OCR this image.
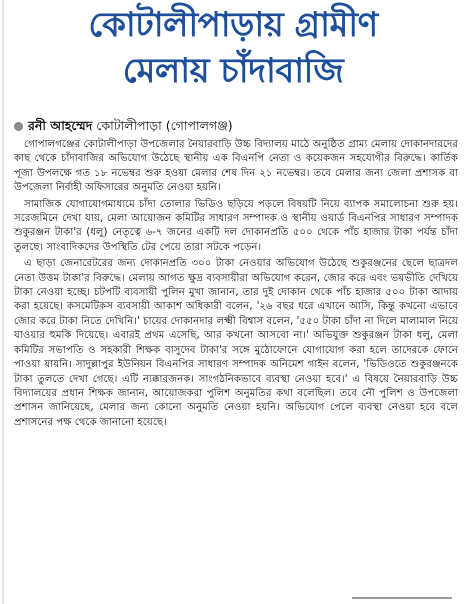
কোটালীপাড়ায় গ্রামীণ
মেলায় চাঁদাবাজি
রনী আহম্মেদ কোটালীপাড়া (গোপালগঞ্জ)

গোপালগঞ্জের কোটালীপাড়া উপজেলার নৈয়ারবাড়ি উচ্চ বিদ্যালয় মাঠে অনুষ্ঠিত গ্রাম্য মেলায় দোকানদারদের কাছ থেকে চাঁদাবাজির অভিযোগ উঠেছে স্থানীয় এক বিএনপি নেতা ও কয়েকজন সহযোগীর বিরুদ্ধে। কার্তিক পূজা উপলক্ষে গত ১৮ নভেম্বর শুরু হওয়া মেলার শেষ দিন ২১ নভেম্বর। তবে মেলার জন্য জেলা প্রশাসক বা উপজেলা নির্বাহী অফিসারের অনুমতি নেওয়া হয়নি।

সামাজিক যোগাযোগমাধ্যমে চাঁদা তোলার ভিডিও ছড়িয়ে পড়লে বিষয়টি নিয়ে ব্যাপক সমালোচনা শুরু হয়। সরেজমিনে দেখা যায়, মেলা আয়োজন কমিটির সাধারণ সম্পাদক ও স্থানীয় ওয়ার্ড বিএনপির সাধারণ সম্পাদক শুকুরঞ্জন টাকা'র (ধলু) নেতৃত্বে ৬-৭ জনের একটি দল দোকানপ্রতি ৫০০ থেকে পাঁচ হাজার টাকা পর্যন্ত চাঁদা তুলছে। সাংবাদিকদের উপস্থিতি টের পেয়ে তারা সটকে পড়েন।

এ ছাড়া জেনারেটরের জন্য দোকানপ্রতি ৩০০ টাকা নেওয়ার অভিযোগ উঠেছে শুকুরঞ্জনের ছেলে ছাত্রদল নেতা উত্তম টাকা'র বিরুদ্ধে। মেলায় আগত ক্ষুদ্র ব্যবসায়ীরা অভিযোগ করেন, জোর করে এবং ভয়ভীতি দেখিয়ে টাকা নেওয়া হচ্ছে। চটপটি ব্যবসায়ী পুলিন মুখা জানান, তার দুই দোকান থেকে পাঁচ হাজার ৫০০ টাকা আদায় করা হয়েছে। কসমেটিকস ব্যবসায়ী আকাশ অধিকারী বলেন, '২৬ বছর ধরে এখানে আসি, কিন্তু কখনো এভাবে জোর করে টাকা নিতে দেখিনি।' চায়ের দোকানদার লক্ষ্মী বিশ্বাস বলেন, '৫৫০ টাকা চাঁদা না দিলে মালামাল নিয়ে যাওয়ার হুমকি দিয়েছে। এবারই প্রথম এসেছি, আর কখনো আসবো না।' অভিযুক্ত শুকুরঞ্জন টাকা ধলু, মেলা কমিটির সভাপতি ও সহকারী শিক্ষক বাসুদেব টাকা'র সঙ্গে মুঠোফোনে যোগাযোগ করা হলে তাদেরকে ফোনে পাওয়া যায়নি। সাদুল্লাপুর ইউনিয়ন বিএনপির সাধারণ সম্পাদক অনিমেশ গাইন বলেন, 'ভিডিওতে শুকুরঞ্জনকে টাকা তুলতে দেখা গেছে। এটি ন্যক্কারজনক। সাংগঠনিকভাবে ব্যবস্থা নেওয়া হবে।' এ বিষয়ে নৈয়ারবাড়ি উচ্চ বিদ্যালয়ের প্রধান শিক্ষক জানান, আয়োজকরা পুলিশ অনুমতির কথা বলেছিল। তবে নৌ পুলিশ ও উপজেলা প্রশাসন জানিয়েছে, মেলার জন্য কোনো অনুমতি নেওয়া হয়নি। অভিযোগ পেলে ব্যবস্থা নেওয়া হবে বলে প্রশাসনের পক্ষ থেকে জানানো হয়েছে।
